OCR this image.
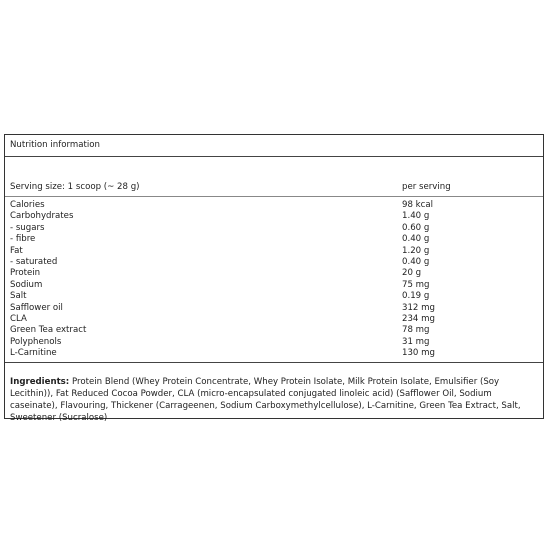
Nutrition information
Serving size: 1 scoop (~ 28 g)	per serving
Calories	98 kcal
Carbohydrates	1.40 g
- sugars	0.60 g
- fibre	0.40 g
Fat	1.20 g
- saturated	0.40 g
Protein	20 g
Sodium	75 mg
Salt	0.19 g
Safflower oil	312 mg
CLA	234 mg
Green Tea extract	78 mg
Polyphenols	31 mg
L-Carnitine	130 mg
Ingredients: Protein Blend (Whey Protein Concentrate, Whey Protein Isolate, Milk Protein Isolate, Emulsifier (Soy Lecithin)), Fat Reduced Cocoa Powder, CLA (micro-encapsulated conjugated linoleic acid) (Safflower Oil, Sodium caseinate), Flavouring, Thickener (Carrageenen, Sodium Carboxymethylcellulose), L-Carnitine, Green Tea Extract, Salt, Sweetener (Sucralose)
